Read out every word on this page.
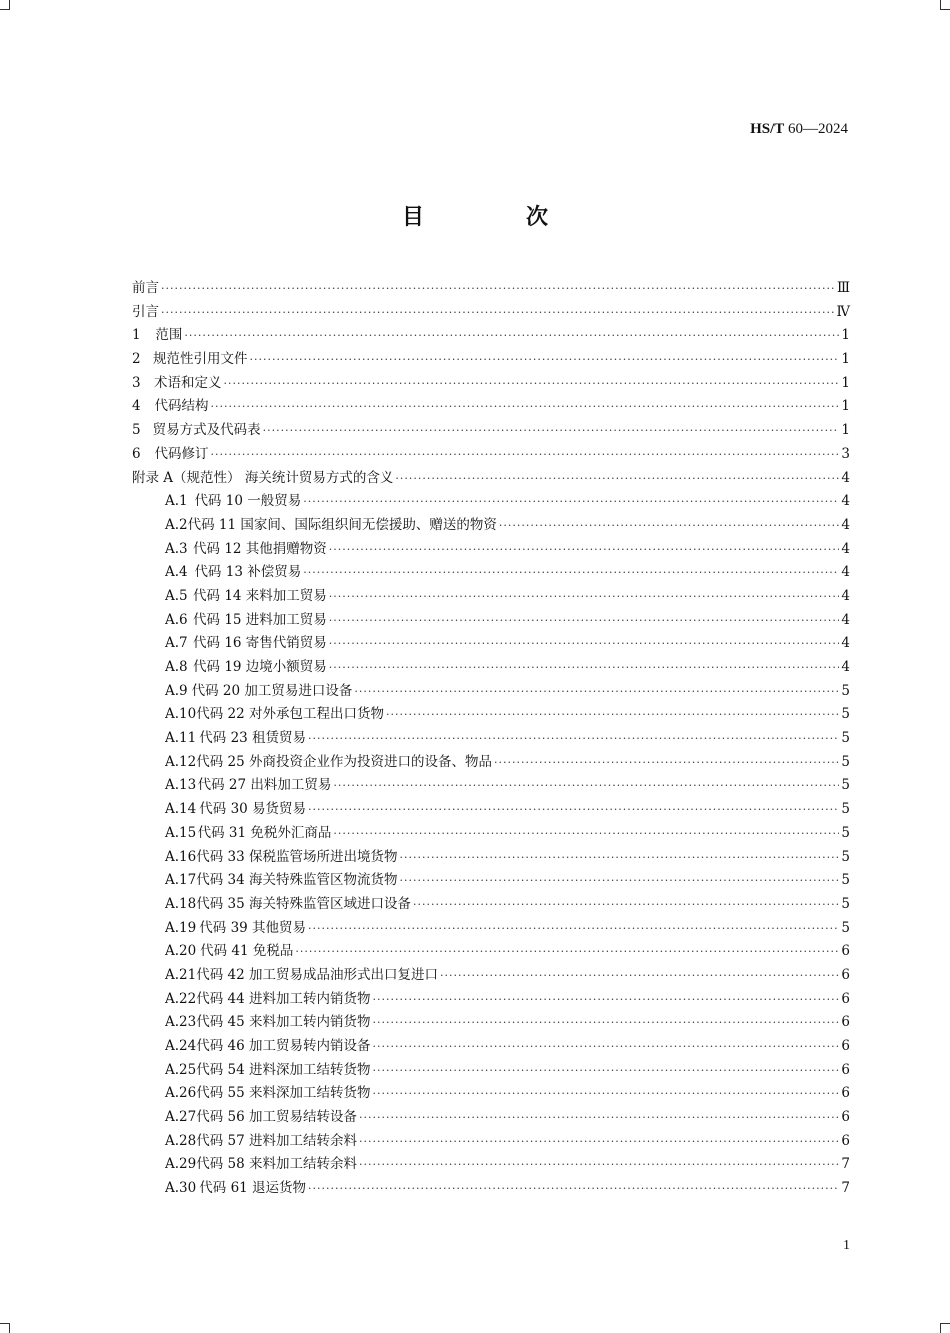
HS/T 60—2024
目　次
前言 ·····	Ⅲ
引言 ·····	Ⅳ
1	范围 ·····	1
2 规范性引用文件 ·····	1
3 术语和定义 ·····	1
4	代码结构 ·····	1
5 贸易方式及代码表 ·····	1
6	代码修订 ·····	3
附录 A（规范性） 海关统计贸易方式的含义 ·····	4
A.1 代码 10 一般贸易 ·····	4
A.2 代码 11 国家间、国际组织间无偿援助、赠送的物资 ·····	4
A.3 代码 12 其他捐赠物资 ·····	4
A.4 代码 13 补偿贸易 ·····	4
A.5 代码 14 来料加工贸易 ·····	4
A.6 代码 15 进料加工贸易 ·····	4
A.7 代码 16 寄售代销贸易 ·····	4
A.8 代码 19 边境小额贸易 ·····	4
A.9 代码 20 加工贸易进口设备 ·····	5
A.10 代码 22 对外承包工程出口货物 ·····	5
A.11 代码 23 租赁贸易 ·····	5
A.12 代码 25 外商投资企业作为投资进口的设备、物品 ·····	5
A.13 代码 27 出料加工贸易 ·····	5
A.14 代码 30 易货贸易 ·····	5
A.15 代码 31 免税外汇商品 ·····	5
A.16 代码 33 保税监管场所进出境货物 ·····	5
A.17 代码 34 海关特殊监管区物流货物 ·····	5
A.18 代码 35 海关特殊监管区域进口设备 ·····	5
A.19 代码 39 其他贸易 ·····	5
A.20 代码 41 免税品 ·····	6
A.21 代码 42 加工贸易成品油形式出口复进口 ·····	6
A.22 代码 44 进料加工转内销货物 ·····	6
A.23 代码 45 来料加工转内销货物 ·····	6
A.24 代码 46 加工贸易转内销设备 ·····	6
A.25 代码 54 进料深加工结转货物 ·····	6
A.26 代码 55 来料深加工结转货物 ·····	6
A.27 代码 56 加工贸易结转设备 ·····	6
A.28 代码 57 进料加工结转余料 ·····	6
A.29 代码 58 来料加工结转余料 ·····	7
A.30 代码 61 退运货物 ·····	7
1
